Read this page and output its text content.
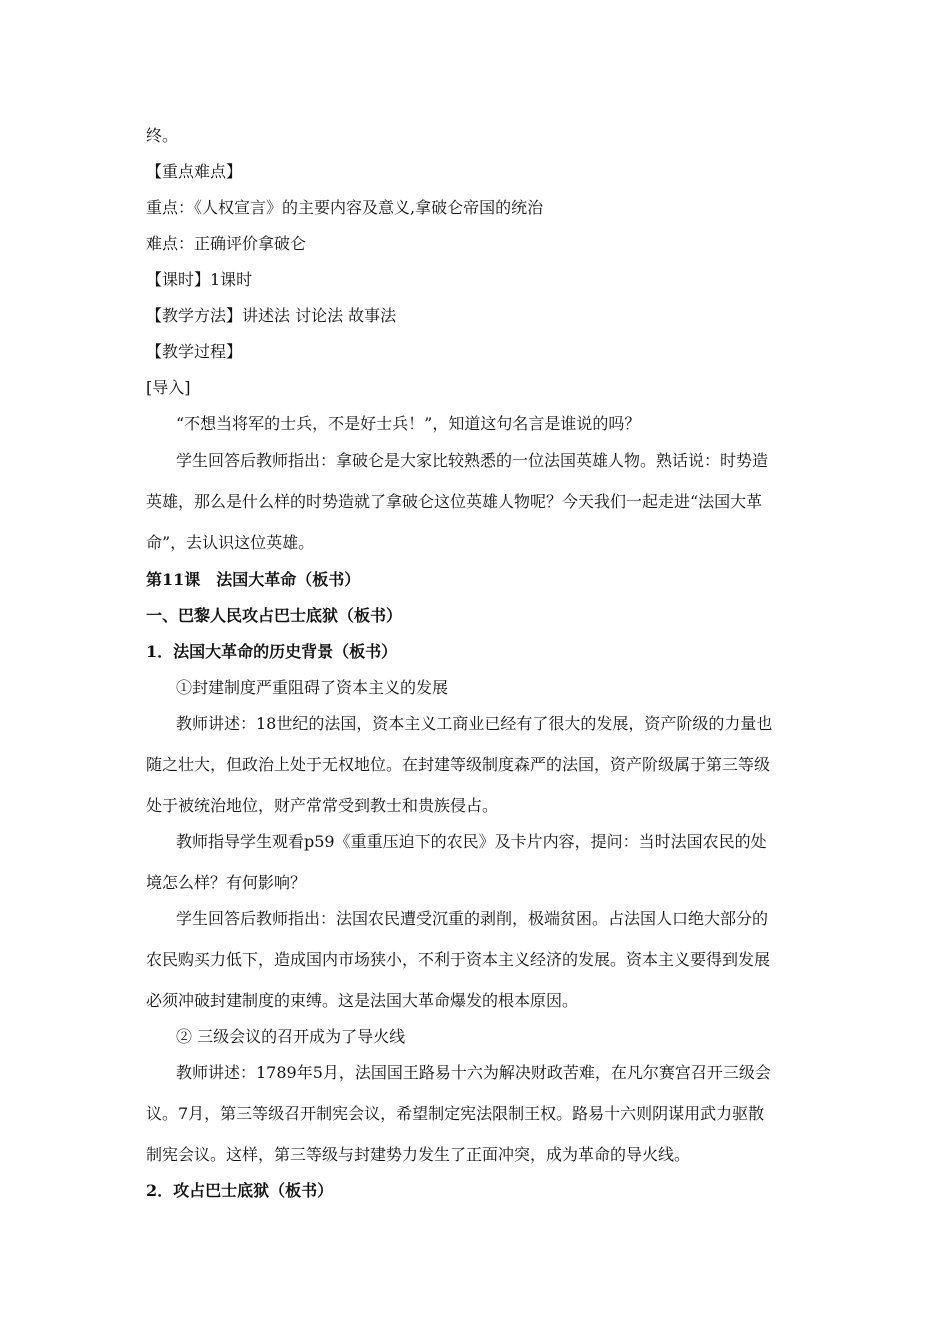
终。
【重点难点】
重点：《人权宣言》的主要内容及意义,拿破仑帝国的统治
难点：正确评价拿破仑
【课时】1课时
【教学方法】讲述法 讨论法 故事法
【教学过程】
[导入]
“不想当将军的士兵，不是好士兵！”，知道这句名言是谁说的吗？
学生回答后教师指出：拿破仑是大家比较熟悉的一位法国英雄人物。熟话说：时势造
英雄，那么是什么样的时势造就了拿破仑这位英雄人物呢？今天我们一起走进“法国大革
命”，去认识这位英雄。
第11课　法国大革命（板书）
一、巴黎人民攻占巴士底狱（板书）
1．法国大革命的历史背景（板书）
①封建制度严重阻碍了资本主义的发展
教师讲述：18世纪的法国，资本主义工商业已经有了很大的发展，资产阶级的力量也
随之壮大，但政治上处于无权地位。在封建等级制度森严的法国，资产阶级属于第三等级
处于被统治地位，财产常常受到教士和贵族侵占。
教师指导学生观看p59《重重压迫下的农民》及卡片内容，提问：当时法国农民的处
境怎么样？有何影响？
学生回答后教师指出：法国农民遭受沉重的剥削，极端贫困。占法国人口绝大部分的
农民购买力低下，造成国内市场狭小，不利于资本主义经济的发展。资本主义要得到发展
必须冲破封建制度的束缚。这是法国大革命爆发的根本原因。
② 三级会议的召开成为了导火线
教师讲述：1789年5月，法国国王路易十六为解决财政苦难，在凡尔赛宫召开三级会
议。7月，第三等级召开制宪会议，希望制定宪法限制王权。路易十六则阴谋用武力驱散
制宪会议。这样，第三等级与封建势力发生了正面冲突，成为革命的导火线。
2．攻占巴士底狱（板书）
